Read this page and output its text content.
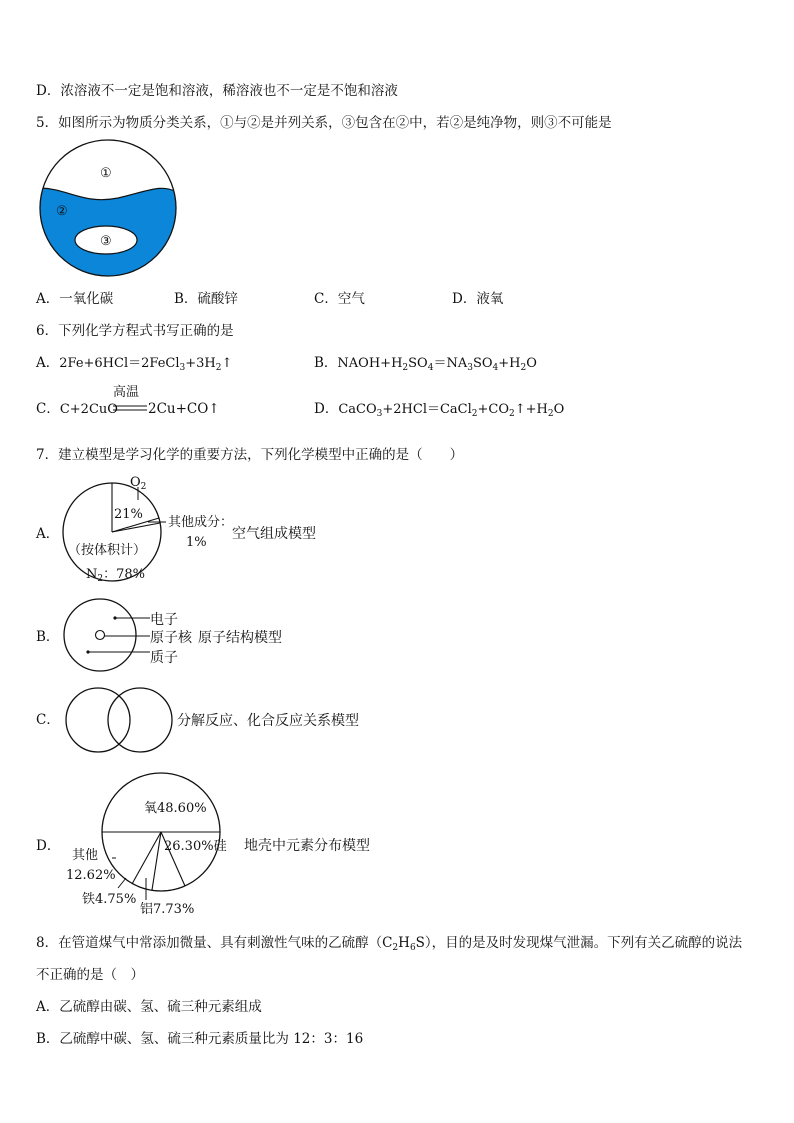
D．浓溶液不一定是饱和溶液，稀溶液也不一定是不饱和溶液
5．如图所示为物质分类关系，①与②是并列关系，③包含在②中，若②是纯净物，则③不可能是
①
②
③
A．一氧化碳	B．硫酸锌	C．空气	D．液氧
6．下列化学方程式书写正确的是
A．$2Fe+6HCl=2FeCl_3+3H_2↑$	B．$NAOH+H_2SO_4=NA_3SO_4+H_2O$
C．C+2CuO
高温
2Cu+CO↑	D．$CaCO_3+2HCl=CaCl_2+CO_2↑+H_2O$
7．建立模型是学习化学的重要方法，下列化学模型中正确的是（　　）
A．
$O_2$
21%
其他成分：
1%
（按体积计）
$N_2$：78%
空气组成模型
B．
电子
原子核
质子
原子结构模型
C．	分解反应、化合反应关系模型
D．
氧48.60%
26.30%硅
其他
12.62%
铁4.75%
铝7.73%
地壳中元素分布模型
8．在管道煤气中常添加微量、具有刺激性气味的乙硫醇$(C_2H_6S)$，目的是及时发现煤气泄漏。下列有关乙硫醇的说法
不正确的是（　）
A．乙硫醇由碳、氢、硫三种元素组成
B．乙硫醇中碳、氢、硫三种元素质量比为 12：3：16
